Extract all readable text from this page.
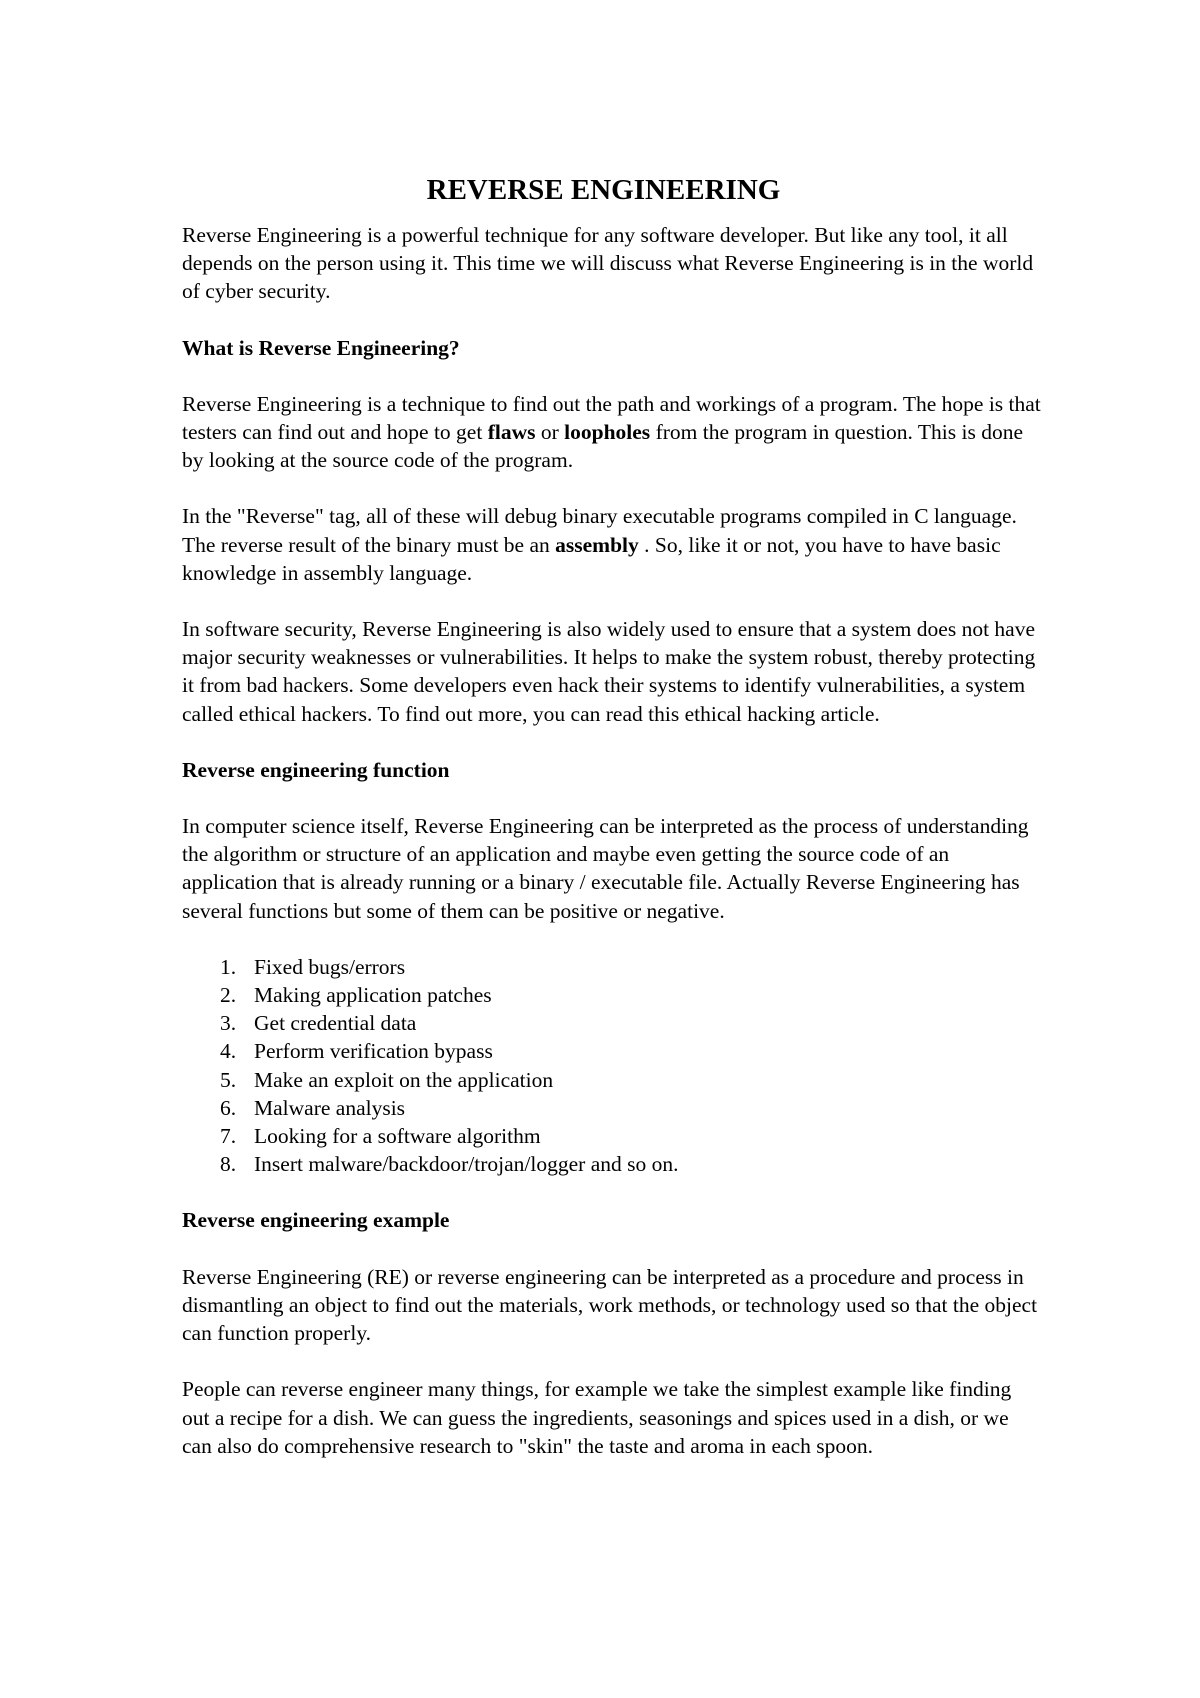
REVERSE ENGINEERING

Reverse Engineering is a powerful technique for any software developer. But like any tool, it all depends on the person using it. This time we will discuss what Reverse Engineering is in the world of cyber security.

What is Reverse Engineering?

Reverse Engineering is a technique to find out the path and workings of a program. The hope is that testers can find out and hope to get flaws or loopholes from the program in question. This is done by looking at the source code of the program.

In the "Reverse" tag, all of these will debug binary executable programs compiled in C language. The reverse result of the binary must be an assembly . So, like it or not, you have to have basic knowledge in assembly language.

In software security, Reverse Engineering is also widely used to ensure that a system does not have major security weaknesses or vulnerabilities. It helps to make the system robust, thereby protecting it from bad hackers. Some developers even hack their systems to identify vulnerabilities, a system called ethical hackers. To find out more, you can read this ethical hacking article.

Reverse engineering function

In computer science itself, Reverse Engineering can be interpreted as the process of understanding the algorithm or structure of an application and maybe even getting the source code of an application that is already running or a binary / executable file. Actually Reverse Engineering has several functions but some of them can be positive or negative.

1. Fixed bugs/errors
2. Making application patches
3. Get credential data
4. Perform verification bypass
5. Make an exploit on the application
6. Malware analysis
7. Looking for a software algorithm
8. Insert malware/backdoor/trojan/logger and so on.
Reverse engineering example

Reverse Engineering (RE) or reverse engineering can be interpreted as a procedure and process in dismantling an object to find out the materials, work methods, or technology used so that the object can function properly.

People can reverse engineer many things, for example we take the simplest example like finding out a recipe for a dish. We can guess the ingredients, seasonings and spices used in a dish, or we can also do comprehensive research to "skin" the taste and aroma in each spoon.
